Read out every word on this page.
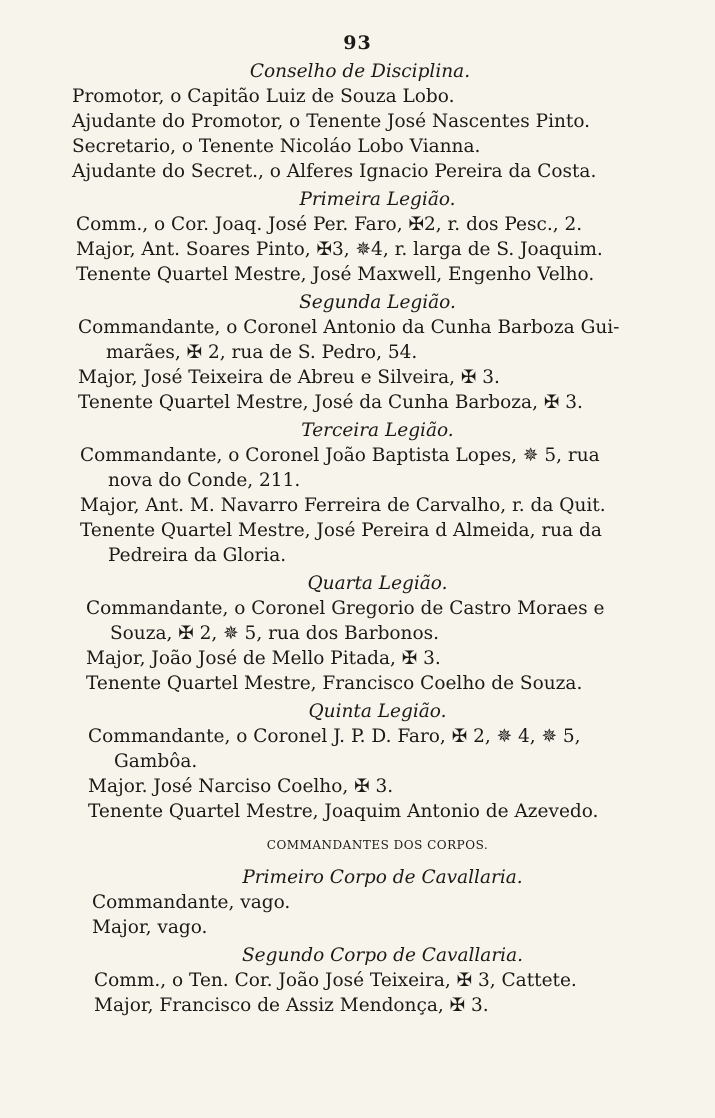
93
Conselho de Disciplina.
Promotor, o Capitão Luiz de Souza Lobo.
Ajudante do Promotor, o Tenente José Nascentes Pinto.
Secretario, o Tenente Nicoláo Lobo Vianna.
Ajudante do Secret., o Alferes Ignacio Pereira da Costa.
Primeira Legião.
Comm., o Cor. Joaq. José Per. Faro, ✠2, r. dos Pesc., 2.
Major, Ant. Soares Pinto, ✠3, ✵4, r. larga de S. Joaquim.
Tenente Quartel Mestre, José Maxwell, Engenho Velho.
Segunda Legião.
Commandante, o Coronel Antonio da Cunha Barboza Gui-
marães, ✠ 2, rua de S. Pedro, 54.
Major, José Teixeira de Abreu e Silveira, ✠ 3.
Tenente Quartel Mestre, José da Cunha Barboza, ✠ 3.
Terceira Legião.
Commandante, o Coronel João Baptista Lopes, ✵ 5, rua
nova do Conde, 211.
Major, Ant. M. Navarro Ferreira de Carvalho, r. da Quit.
Tenente Quartel Mestre, José Pereira d Almeida, rua da
Pedreira da Gloria.
Quarta Legião.
Commandante, o Coronel Gregorio de Castro Moraes e
Souza, ✠ 2, ✵ 5, rua dos Barbonos.
Major, João José de Mello Pitada, ✠ 3.
Tenente Quartel Mestre, Francisco Coelho de Souza.
Quinta Legião.
Commandante, o Coronel J. P. D. Faro, ✠ 2, ✵ 4, ✵ 5,
Gambôa.
Major. José Narciso Coelho, ✠ 3.
Tenente Quartel Mestre, Joaquim Antonio de Azevedo.
COMMANDANTES DOS CORPOS.
Primeiro Corpo de Cavallaria.
Commandante, vago.
Major, vago.
Segundo Corpo de Cavallaria.
Comm., o Ten. Cor. João José Teixeira, ✠ 3, Cattete.
Major, Francisco de Assiz Mendonça, ✠ 3.
